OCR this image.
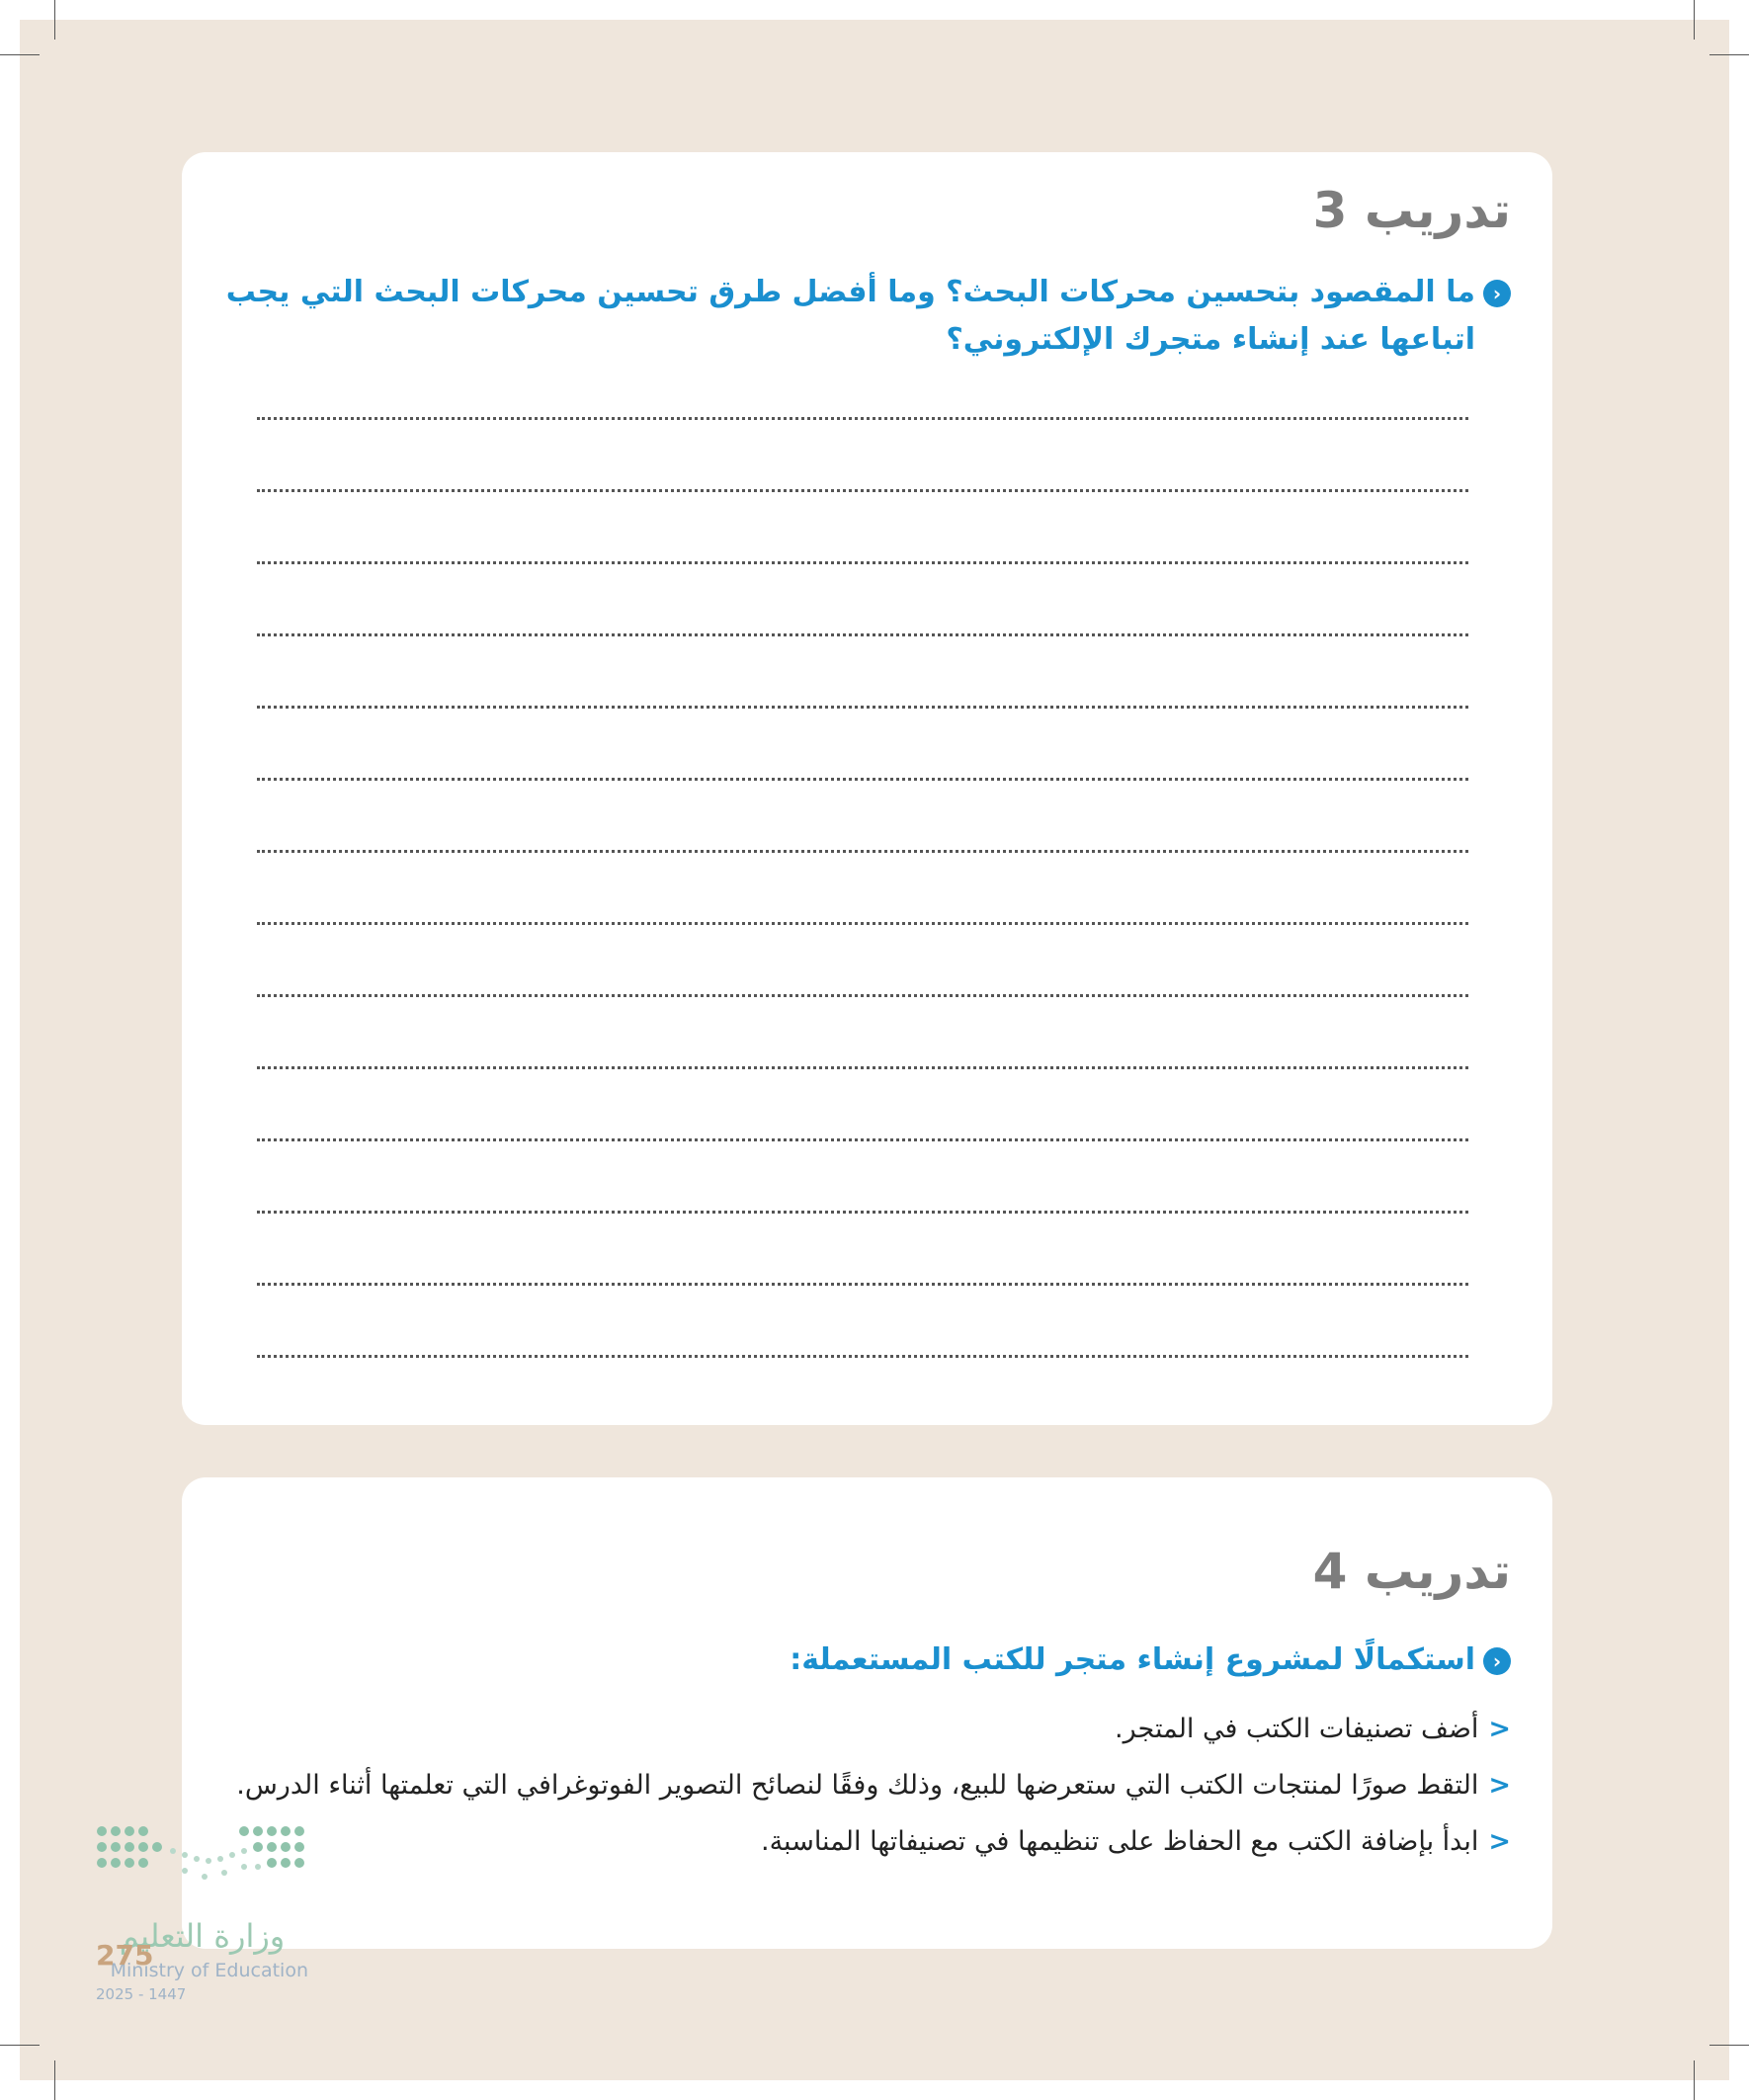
تدريب 3
‹ما المقصود بتحسين محركات البحث؟ وما أفضل طرق تحسين محركات البحث التي يجب
اتباعها عند إنشاء متجرك الإلكتروني؟
تدريب 4
‹استكمالًا لمشروع إنشاء متجر للكتب المستعملة:
<أضف تصنيفات الكتب في المتجر.
<التقط صورًا لمنتجات الكتب التي ستعرضها للبيع، وذلك وفقًا لنصائح التصوير الفوتوغرافي التي تعلمتها أثناء الدرس.
<ابدأ بإضافة الكتب مع الحفاظ على تنظيمها في تصنيفاتها المناسبة.
وزارة التعليم
Ministry of Education
2025 - 1447
275
